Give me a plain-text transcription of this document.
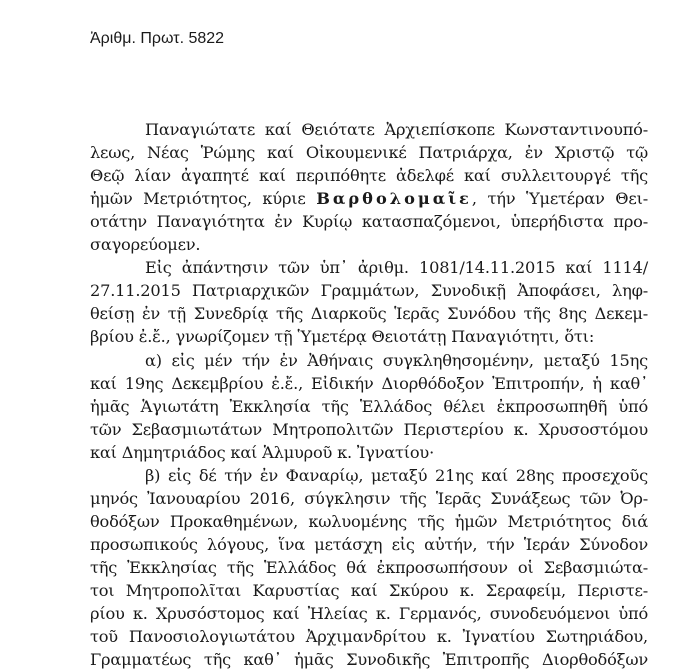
Ἀριθμ. Πρωτ. 5822
Παναγιώτατε καί Θειότατε Ἀρχιεπίσκοπε Κωνσταντινουπό-
λεως, Νέας Ῥώμης καί Οἰκουμενικέ Πατριάρχα, ἐν Χριστῷ τῷ
Θεῷ λίαν ἀγαπητέ καί περιπόθητε ἀδελφέ καί συλλειτουργέ τῆς
ἡμῶν Μετριότητος, κύριε Βαρθολομαῖε, τήν Ὑμετέραν Θει-
οτάτην Παναγιότητα ἐν Κυρίῳ κατασπαζόμενοι, ὑπερήδιστα προ-
σαγορεύομεν.
Εἰς ἀπάντησιν τῶν ὑπ᾽ ἀριθμ. 1081/14.11.2015 καί 1114/
27.11.2015 Πατριαρχικῶν Γραμμάτων, Συνοδικῇ Ἀποφάσει, ληφ-
θείσῃ ἐν τῇ Συνεδρίᾳ τῆς Διαρκοῦς Ἱερᾶς Συνόδου τῆς 8ης Δεκεμ-
βρίου ἐ.ἔ., γνωρίζομεν τῇ Ὑμετέρᾳ Θειοτάτῃ Παναγιότητι, ὅτι:
α) εἰς μέν τήν ἐν Ἀθήναις συγκληθησομένην, μεταξύ 15ης
καί 19ης Δεκεμβρίου ἐ.ἔ., Εἰδικήν Διορθόδοξον Ἐπιτροπήν, ἡ καθ᾽
ἡμᾶς Ἁγιωτάτη Ἐκκλησία τῆς Ἑλλάδος θέλει ἐκπροσωπηθῆ ὑπό
τῶν Σεβασμιωτάτων Μητροπολιτῶν Περιστερίου κ. Χρυσοστόμου
καί Δημητριάδος καί Ἁλμυροῦ κ. Ἰγνατίου·
β) εἰς δέ τήν ἐν Φαναρίῳ, μεταξύ 21ης καί 28ης προσεχοῦς
μηνός Ἰανουαρίου 2016, σύγκλησιν τῆς Ἱερᾶς Συνάξεως τῶν Ὀρ-
θοδόξων Προκαθημένων, κωλυομένης τῆς ἡμῶν Μετριότητος διά
προσωπικούς λόγους, ἵνα μετάσχη εἰς αὐτήν, τήν Ἱεράν Σύνοδον
τῆς Ἐκκλησίας τῆς Ἑλλάδος θά ἐκπροσωπήσουν οἱ Σεβασμιώτα-
τοι Μητροπολῖται Καρυστίας καί Σκύρου κ. Σεραφείμ, Περιστε-
ρίου κ. Χρυσόστομος καί Ἠλείας κ. Γερμανός, συνοδευόμενοι ὑπό
τοῦ Πανοσιολογιωτάτου Ἀρχιμανδρίτου κ. Ἰγνατίου Σωτηριάδου,
Γραμματέως τῆς καθ᾽ ἡμᾶς Συνοδικῆς Ἐπιτροπῆς Διορθοδόξων
